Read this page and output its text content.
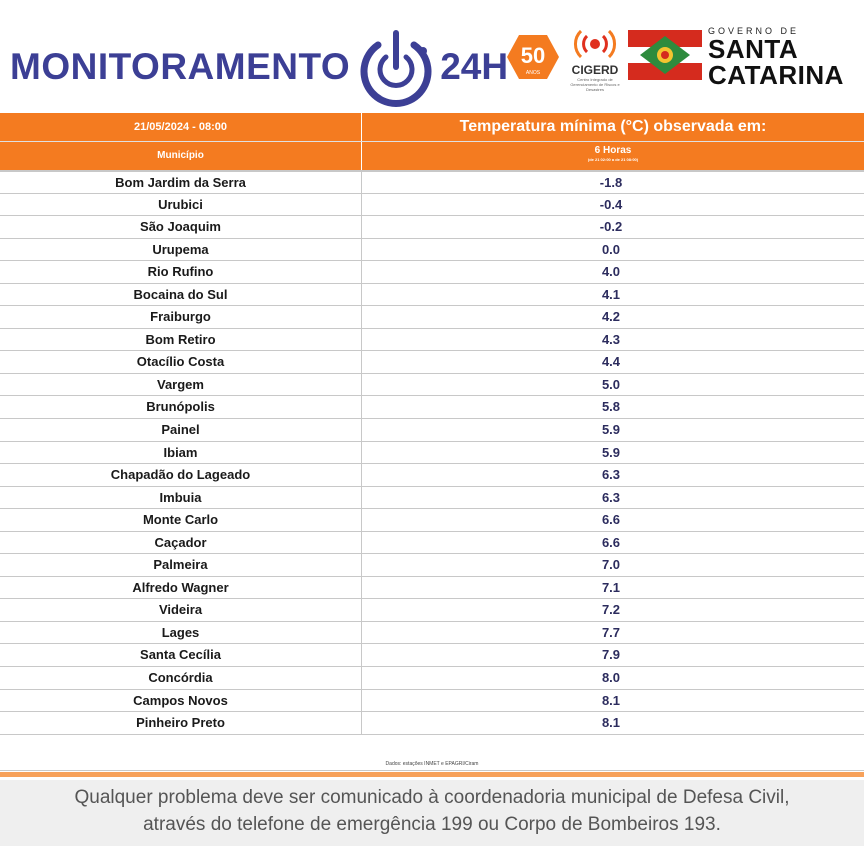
MONITORAMENTO 24H 50
ANOS	CIGERD
Centro Integrado de Gerenciamento de Riscos e Desastres
GOVERNO DE
SANTA
CATARINA
21/05/2024 - 08:00	Temperatura mínima (°C) observada em:
Município	6 Horas
(de 21 02:00 a de 21 08:00)
Bom Jardim da Serra	-1.8
Urubici	-0.4
São Joaquim	-0.2
Urupema	0.0
Rio Rufino	4.0
Bocaina do Sul	4.1
Fraiburgo	4.2
Bom Retiro	4.3
Otacílio Costa	4.4
Vargem	5.0
Brunópolis	5.8
Painel	5.9
Ibiam	5.9
Chapadão do Lageado	6.3
Imbuia	6.3
Monte Carlo	6.6
Caçador	6.6
Palmeira	7.0
Alfredo Wagner	7.1
Videira	7.2
Lages	7.7
Santa Cecília	7.9
Concórdia	8.0
Campos Novos	8.1
Pinheiro Preto	8.1
Dados: estações INMET e EPAGRI/Ciram
Qualquer problema deve ser comunicado à coordenadoria municipal de Defesa Civil,
através do telefone de emergência 199 ou Corpo de Bombeiros 193.
